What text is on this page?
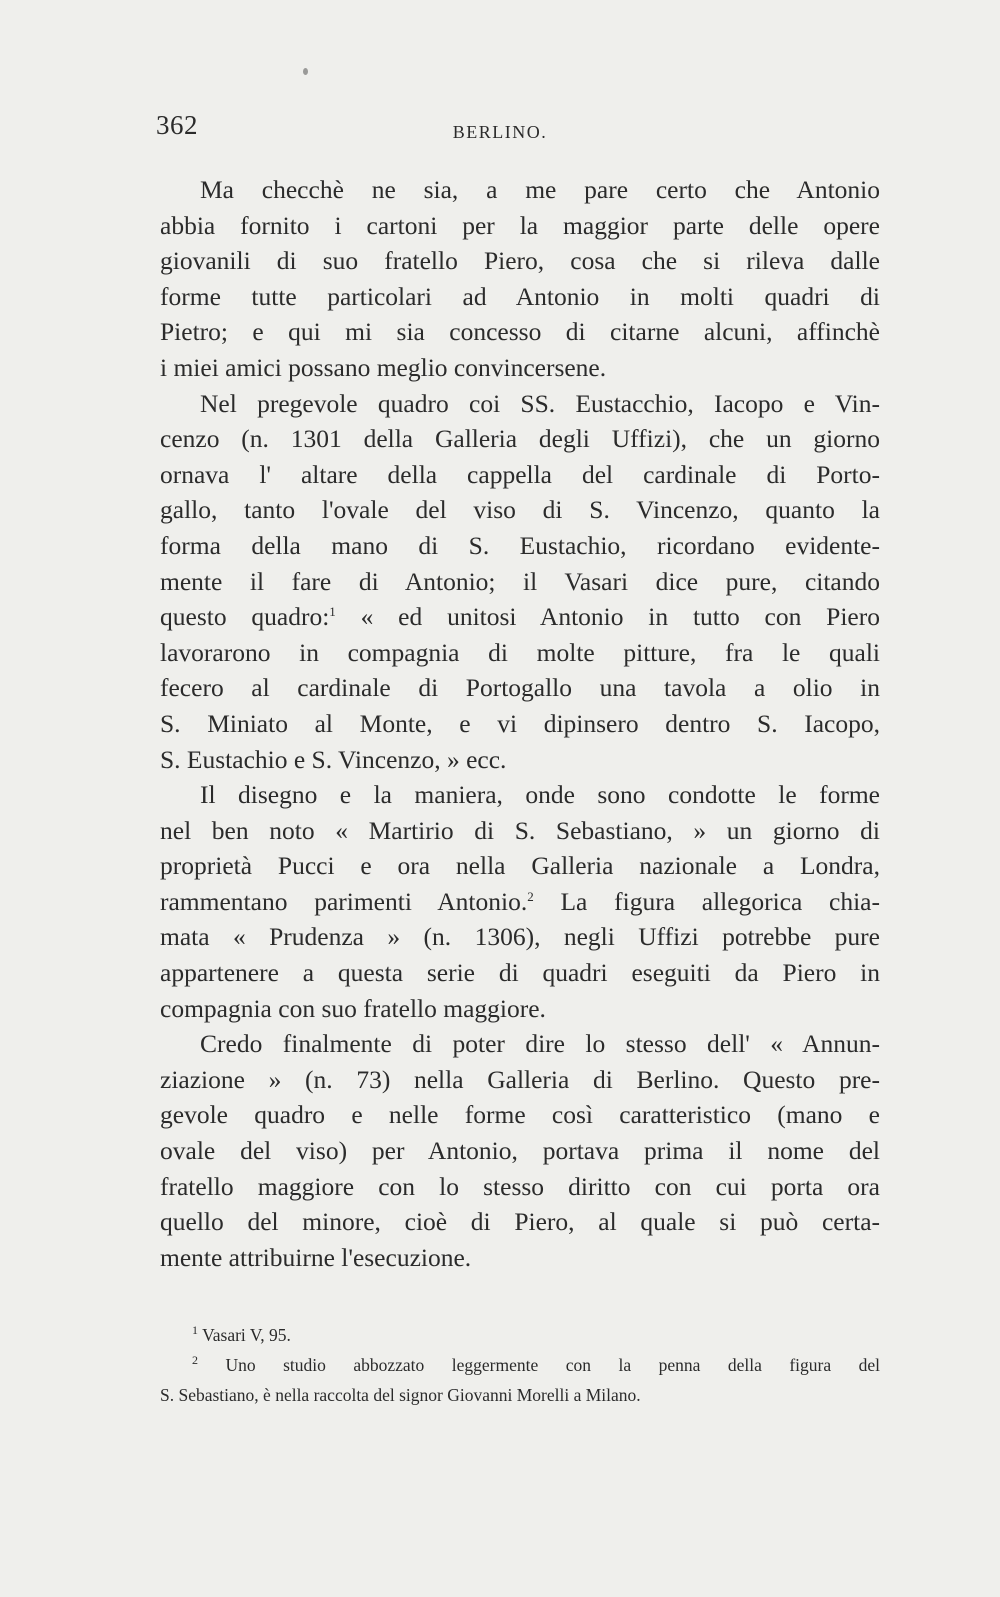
362	BERLINO.
Ma checchè ne sia, a me pare certo che Antonio
abbia fornito i cartoni per la maggior parte delle opere
giovanili di suo fratello Piero, cosa che si rileva dalle
forme tutte particolari ad Antonio in molti quadri di
Pietro; e qui mi sia concesso di citarne alcuni, affinchè
i miei amici possano meglio convincersene.
Nel pregevole quadro coi SS. Eustacchio, Iacopo e Vin-
cenzo (n. 1301 della Galleria degli Uffizi), che un giorno
ornava l' altare della cappella del cardinale di Porto-
gallo, tanto l'ovale del viso di S. Vincenzo, quanto la
forma della mano di S. Eustachio, ricordano evidente-
mente il fare di Antonio; il Vasari dice pure, citando
questo quadro:$^1$ « ed unitosi Antonio in tutto con Piero
lavorarono in compagnia di molte pitture, fra le quali
fecero al cardinale di Portogallo una tavola a olio in
S. Miniato al Monte, e vi dipinsero dentro S. Iacopo,
S. Eustachio e S. Vincenzo, » ecc.
Il disegno e la maniera, onde sono condotte le forme
nel ben noto « Martirio di S. Sebastiano, » un giorno di
proprietà Pucci e ora nella Galleria nazionale a Londra,
rammentano parimenti Antonio.$^2$ La figura allegorica chia-
mata « Prudenza » (n. 1306), negli Uffizi potrebbe pure
appartenere a questa serie di quadri eseguiti da Piero in
compagnia con suo fratello maggiore.
Credo finalmente di poter dire lo stesso dell' « Annun-
ziazione » (n. 73) nella Galleria di Berlino. Questo pre-
gevole quadro e nelle forme così caratteristico (mano e
ovale del viso) per Antonio, portava prima il nome del
fratello maggiore con lo stesso diritto con cui porta ora
quello del minore, cioè di Piero, al quale si può certa-
mente attribuirne l'esecuzione.
$^1$ Vasari V, 95.
$^2$ Uno studio abbozzato leggermente con la penna della figura del
S. Sebastiano, è nella raccolta del signor Giovanni Morelli a Milano.
